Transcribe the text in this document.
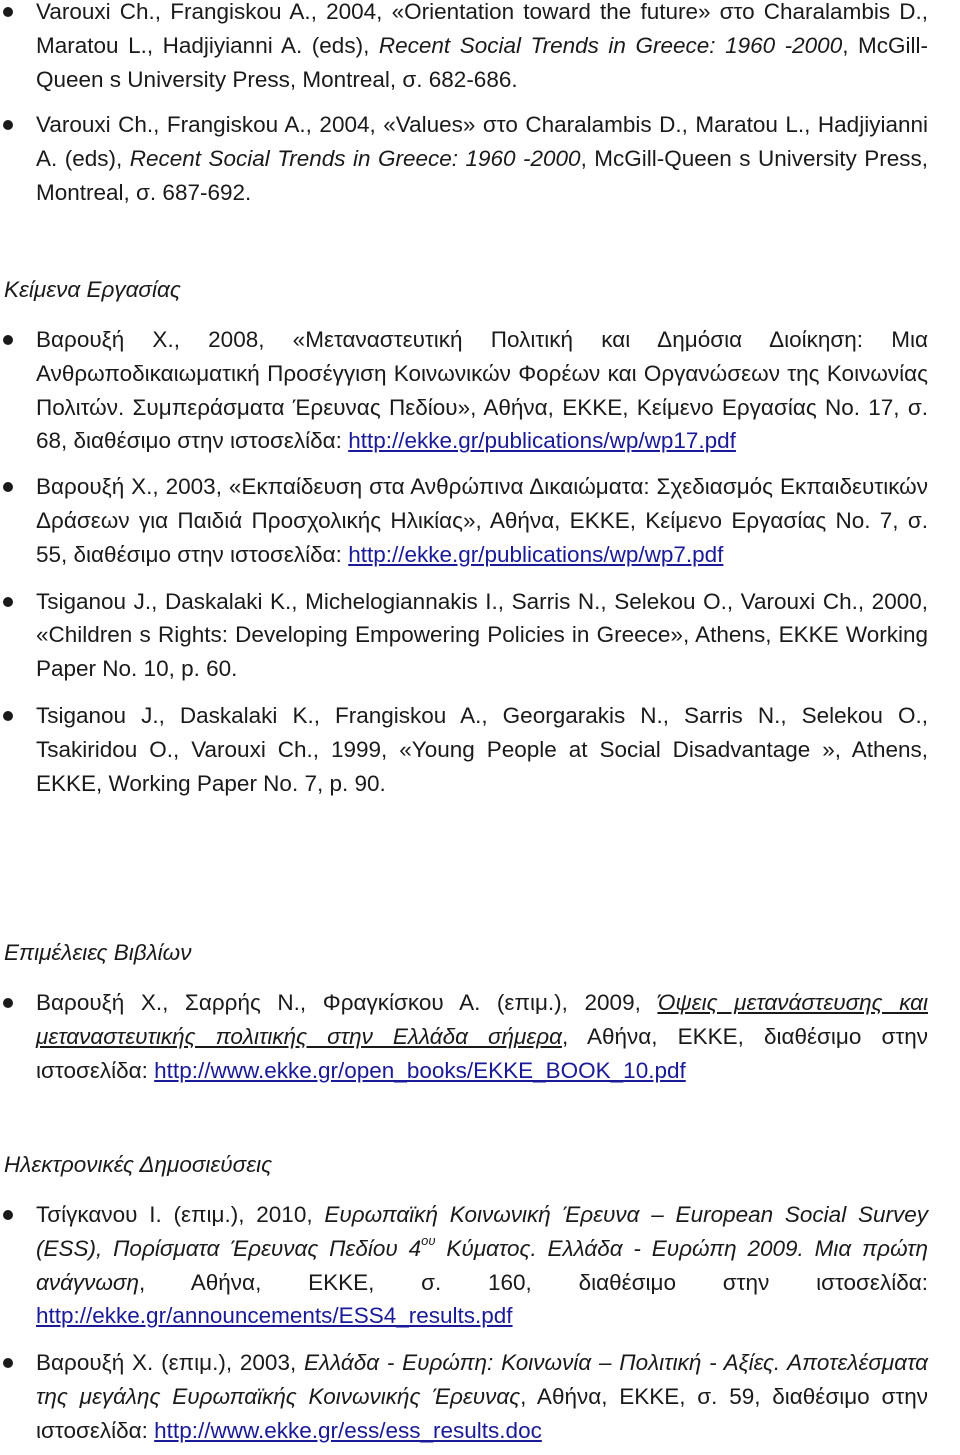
Varouxi Ch., Frangiskou A., 2004, «Orientation toward the future» στο Charalambis D., Maratou L., Hadjiyianni A. (eds), Recent Social Trends in Greece: 1960 -2000, McGill-Queen s University Press, Montreal, σ. 682-686.
Varouxi Ch., Frangiskou A., 2004, «Values» στο Charalambis D., Maratou L., Hadjiyianni A. (eds), Recent Social Trends in Greece: 1960 -2000, McGill-Queen s University Press, Montreal, σ. 687-692.
Κείμενα Εργασίας
Βαρουξή Χ., 2008, «Μεταναστευτική Πολιτική και Δημόσια Διοίκηση: Μια Ανθρωποδικαιωματική Προσέγγιση Κοινωνικών Φορέων και Οργανώσεων της Κοινωνίας Πολιτών. Συμπεράσματα Έρευνας Πεδίου», Αθήνα, ΕΚΚΕ, Κείμενο Εργασίας Νο. 17, σ. 68, διαθέσιμο στην ιστοσελίδα: http://ekke.gr/publications/wp/wp17.pdf
Βαρουξή Χ., 2003, «Εκπαίδευση στα Ανθρώπινα Δικαιώματα: Σχεδιασμός Εκπαιδευτικών Δράσεων για Παιδιά Προσχολικής Ηλικίας», Αθήνα, ΕΚΚΕ, Κείμενο Εργασίας Νο. 7, σ. 55, διαθέσιμο στην ιστοσελίδα: http://ekke.gr/publications/wp/wp7.pdf
Tsiganou J., Daskalaki K., Michelogiannakis I., Sarris N., Selekou O., Varouxi Ch., 2000, «Children s Rights: Developing Empowering Policies in Greece», Athens, EKKE Working Paper No. 10, p. 60.
Tsiganou J., Daskalaki K., Frangiskou A., Georgarakis N., Sarris N., Selekou O., Tsakiridou O., Varouxi Ch., 1999, «Young People at Social Disadvantage », Athens, EKKE, Working Paper No. 7, p. 90.
Επιμέλειες Βιβλίων
Βαρουξή Χ., Σαρρής Ν., Φραγκίσκου Α. (επιμ.), 2009, Όψεις μετανάστευσης και μεταναστευτικής πολιτικής στην Ελλάδα σήμερα, Αθήνα, ΕΚΚΕ, διαθέσιμο στην ιστοσελίδα: http://www.ekke.gr/open_books/EKKE_BOOK_10.pdf
Ηλεκτρονικές Δημοσιεύσεις
Τσίγκανου Ι. (επιμ.), 2010, Ευρωπαϊκή Κοινωνική Έρευνα – European Social Survey (ESS), Πορίσματα Έρευνας Πεδίου $4^{o\upsilon}$ Κύματος. Ελλάδα - Ευρώπη 2009. Μια πρώτη ανάγνωση, Αθήνα, ΕΚΚΕ, σ. 160, διαθέσιμο στην ιστοσελίδα: http://ekke.gr/announcements/ESS4_results.pdf
Βαρουξή Χ. (επιμ.), 2003, Ελλάδα - Ευρώπη: Κοινωνία – Πολιτική - Αξίες. Αποτελέσματα της μεγάλης Ευρωπαϊκής Κοινωνικής Έρευνας, Αθήνα, ΕΚΚΕ, σ. 59, διαθέσιμο στην ιστοσελίδα: http://www.ekke.gr/ess/ess_results.doc
